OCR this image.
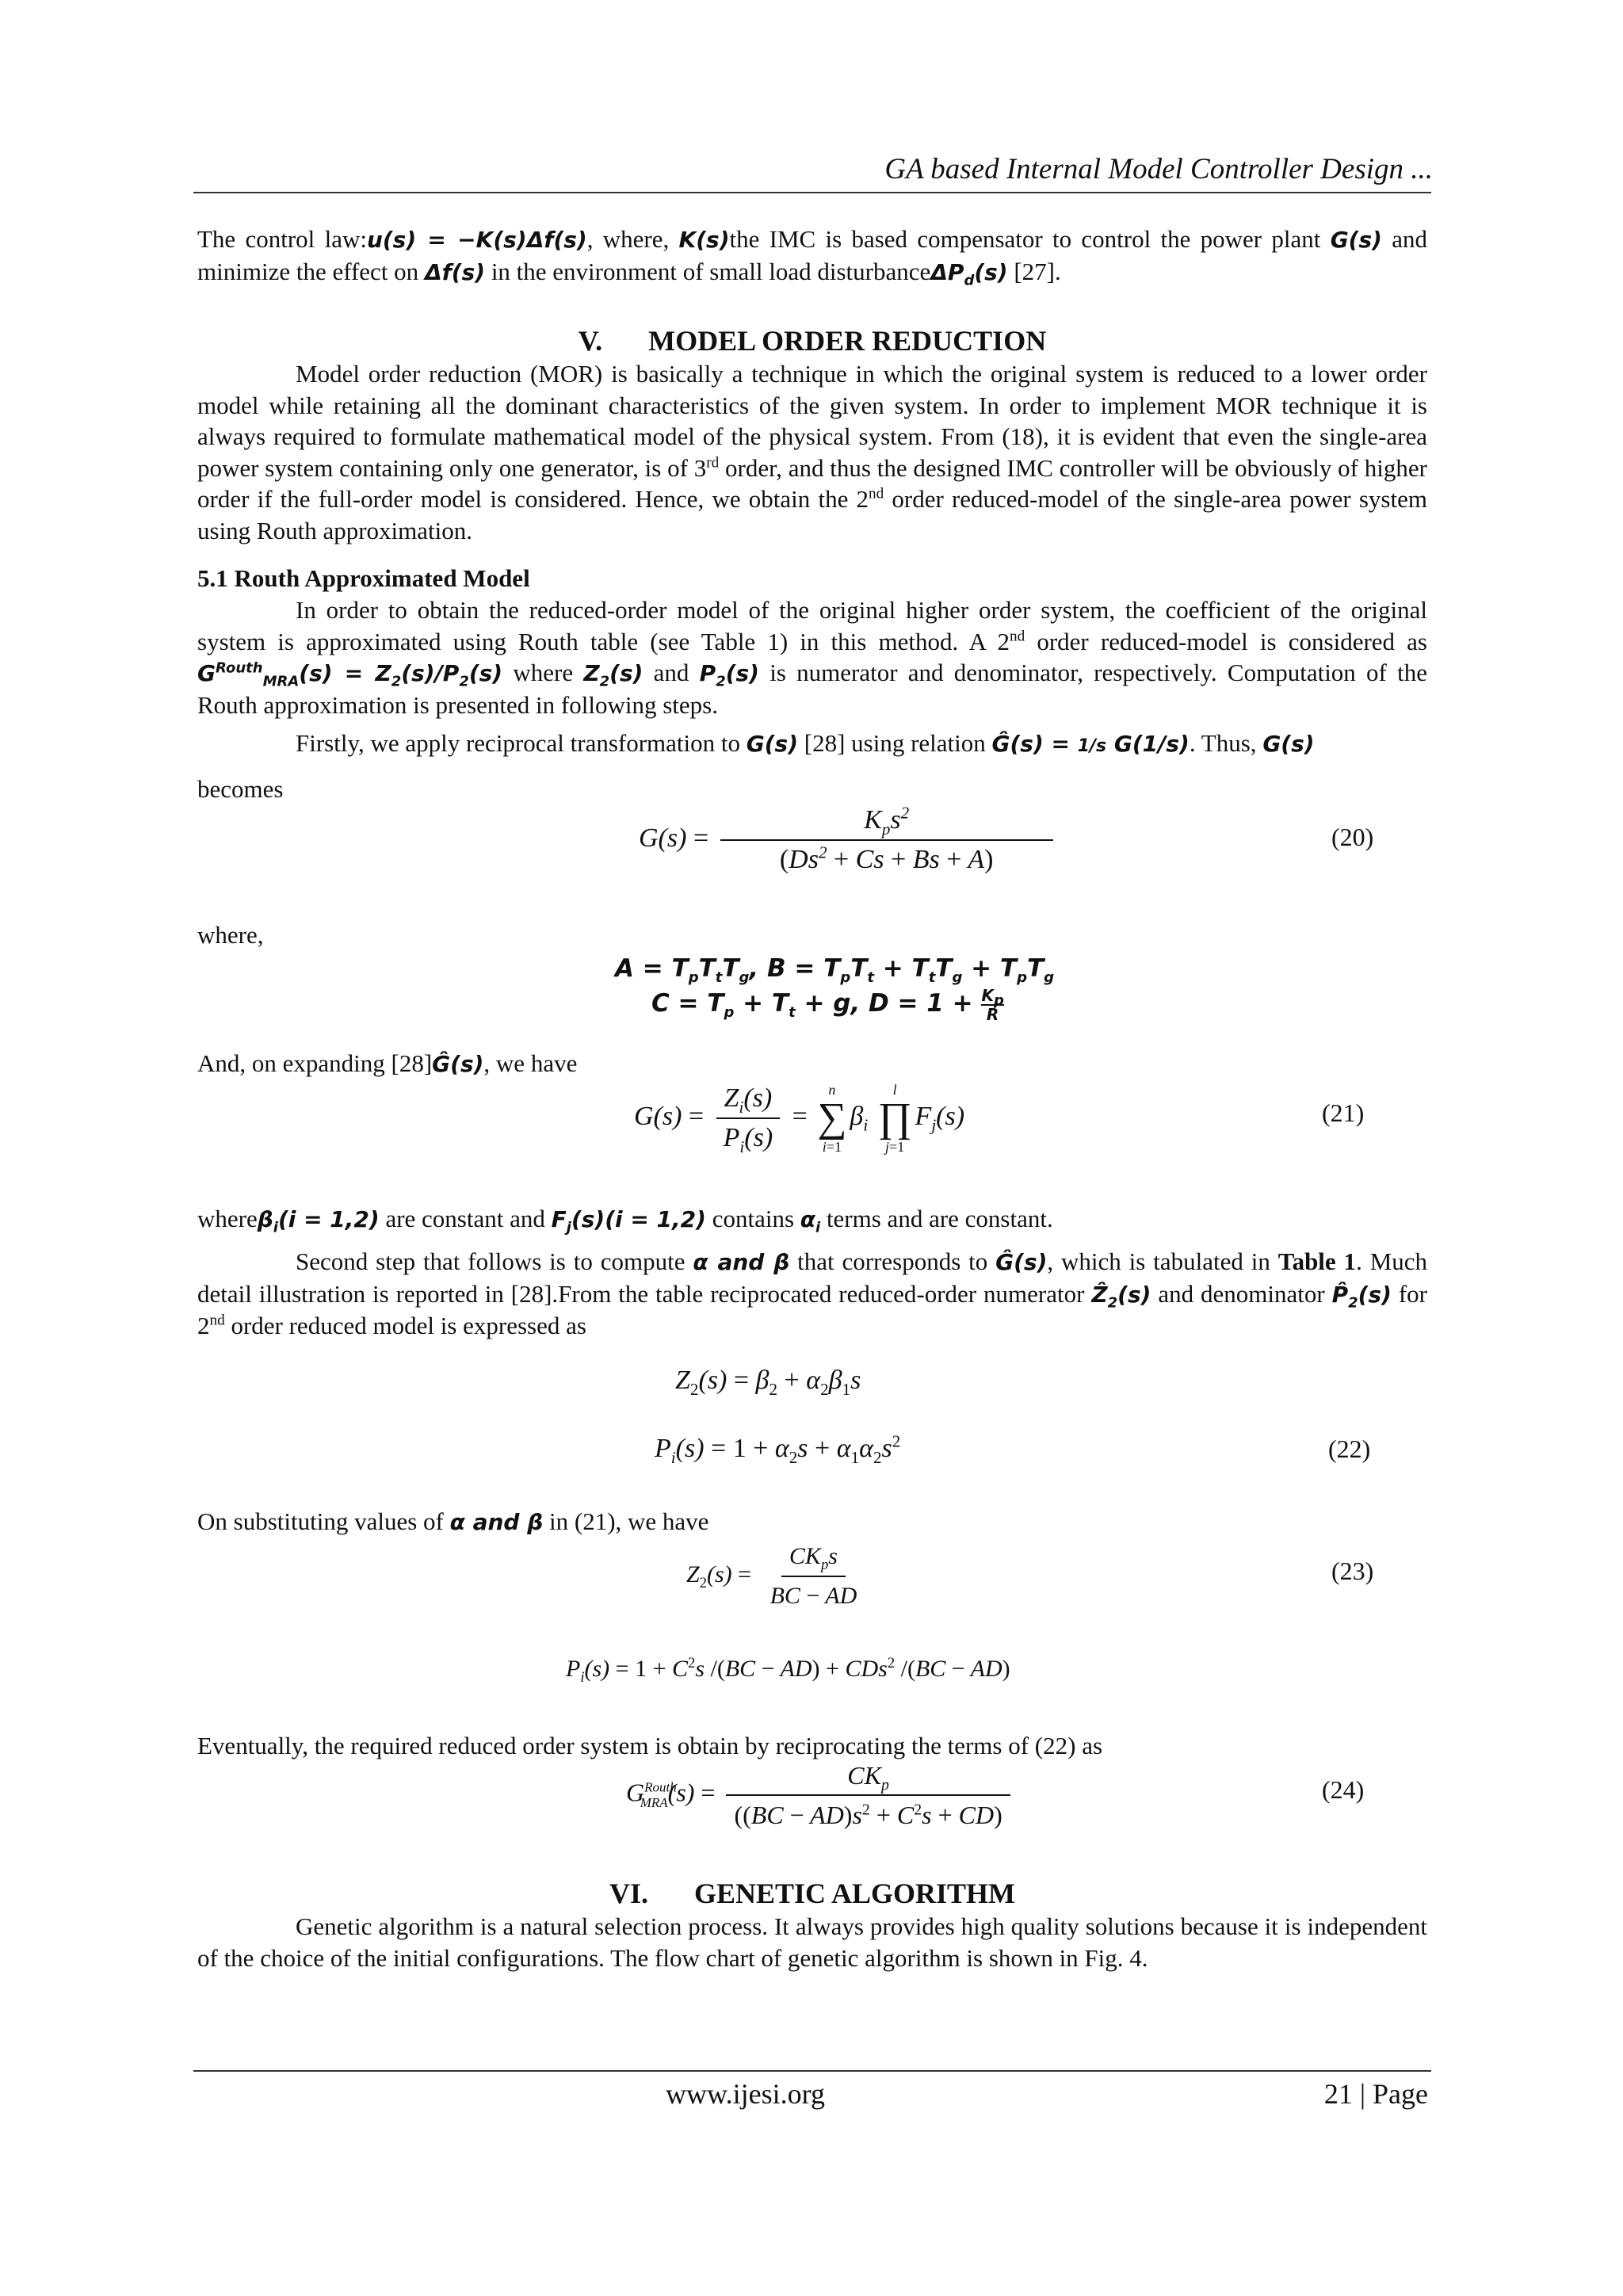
GA based Internal Model Controller Design ...

The control law:u(s) = −K(s)Δf(s), where, K(s)the IMC is based compensator to control the power plant G(s) and minimize the effect on Δf(s) in the environment of small load disturbanceΔP$_d$(s) [27].

V. MODEL ORDER REDUCTION

Model order reduction (MOR) is basically a technique in which the original system is reduced to a lower order model while retaining all the dominant characteristics of the given system. In order to implement MOR technique it is always required to formulate mathematical model of the physical system. From (18), it is evident that even the single-area power system containing only one generator, is of 3rd order, and thus the designed IMC controller will be obviously of higher order if the full-order model is considered. Hence, we obtain the 2nd order reduced-model of the single-area power system using Routh approximation.

5.1 Routh Approximated Model

In order to obtain the reduced-order model of the original higher order system, the coefficient of the original system is approximated using Routh table (see Table 1) in this method. A 2nd order reduced-model is considered as $G^{Routh}_{MRA}(s) = Z_2(s)/P_2(s)$ where $Z_2(s)$ and $P_2(s)$ is numerator and denominator, respectively. Computation of the Routh approximation is presented in following steps.

Firstly, we apply reciprocal transformation to G(s) [28] using relation Ĝ(s) = 1/s G(1/s). Thus, G(s)

becomes
$G(s) = \frac{K_ps^2}{(Ds^2 + Cs + Bs + A)}$	(20)
where,
$A = T_pT_tT_g$, $B = T_pT_t + T_tT_g + T_pT_g$
$C = T_p + T_t + g$, $D = 1 + \frac{K_p}{R}$
And, on expanding [28]Ĝ(s), we have
$G(s) = \frac{Z_i(s)}{P_i(s)}$ =
n
∑
i=1
$\beta_i$
l
∏
j=1
$F_j(s)$	(21)

whereβ$_i$(i = 1,2) are constant and $F_j(s)(i = 1,2)$ contains $\alpha_i$ terms and are constant.

Second step that follows is to compute α and β that corresponds to Ĝ(s), which is tabulated in Table 1. Much detail illustration is reported in [28].From the table reciprocated reduced-order numerator Ẑ$_2$(s) and denominator $P̂_2(s)$ for 2nd order reduced model is expressed as

$Z_2(s) = \beta_2 + \alpha_2\beta_1s$
$P_i(s) = 1 + \alpha_2s + \alpha_1\alpha_2s^2$	(22)
On substituting values of α and β in (21), we have
$Z_2(s) = \frac{CK_ps}{BC - AD}$	(23)
$P_i(s) = 1 + C^2s$ /(BC − AD) + CDs$^2$ /(BC − AD)
Eventually, the required reduced order system is obtain by reciprocating the terms of (22) as
$G^{Routh}_{MRA}(s) = \frac{CK_p}{((BC - AD)s^2 + C^2s + CD)}$	(24)
VI. GENETIC ALGORITHM

Genetic algorithm is a natural selection process. It always provides high quality solutions because it is independent of the choice of the initial configurations. The flow chart of genetic algorithm is shown in Fig. 4.

www.ijesi.org	21 | Page
